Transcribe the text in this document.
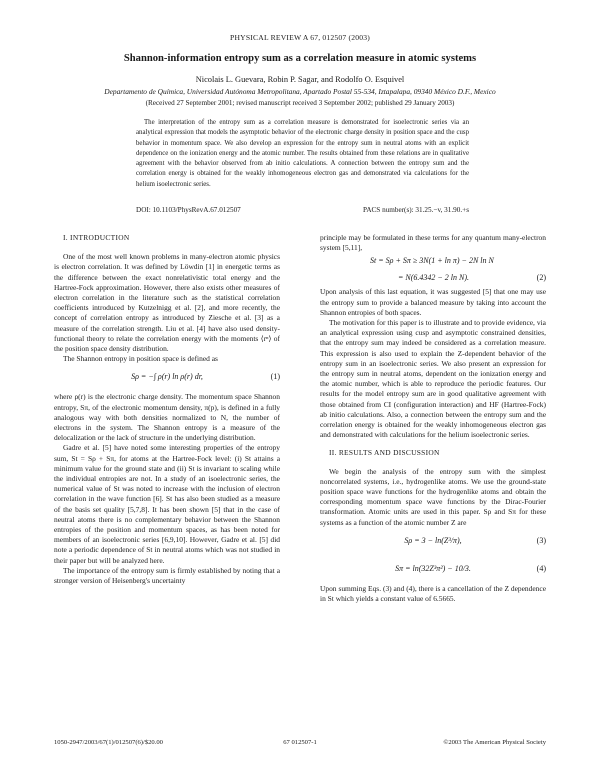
PHYSICAL REVIEW A 67, 012507 (2003)
Shannon-information entropy sum as a correlation measure in atomic systems
Nicolais L. Guevara, Robin P. Sagar, and Rodolfo O. Esquivel
Departamento de Química, Universidad Autónoma Metropolitana, Apartado Postal 55-534, Iztapalapa, 09340 México D.F., Mexico
(Received 27 September 2001; revised manuscript received 3 September 2002; published 29 January 2003)

The interpretation of the entropy sum as a correlation measure is demonstrated for isoelectronic series via an analytical expression that models the asymptotic behavior of the electronic charge density in position space and the cusp behavior in momentum space. We also develop an expression for the entropy sum in neutral atoms with an explicit dependence on the ionization energy and the atomic number. The results obtained from these relations are in qualitative agreement with the behavior observed from ab initio calculations. A connection between the entropy sum and the correlation energy is obtained for the weakly inhomogeneous electron gas and demonstrated via calculations for the helium isoelectronic series.

DOI: 10.1103/PhysRevA.67.012507	PACS number(s): 31.25.−v, 31.90.+s

I. INTRODUCTION

One of the most well known problems in many-electron atomic physics is electron correlation. It was defined by Löwdin [1] in energetic terms as the difference between the exact nonrelativistic total energy and the Hartree-Fock approximation. However, there also exists other measures of electron correlation in the literature such as the statistical correlation coefficients introduced by Kutzelnigg et al. [2], and more recently, the concept of correlation entropy as introduced by Ziesche et al. [3] as a measure of the correlation strength. Liu et al. [4] have also used density-functional theory to relate the correlation energy with the moments ⟨rⁿ⟩ of the position space density distribution.

The Shannon entropy in position space is defined as

Sρ = −∫ ρ(r) ln ρ(r) dr,	(1)

where ρ(r) is the electronic charge density. The momentum space Shannon entropy, Sπ, of the electronic momentum density, π(p), is defined in a fully analogous way with both densities normalized to N, the number of electrons in the system. The Shannon entropy is a measure of the delocalization or the lack of structure in the underlying distribution.

Gadre et al. [5] have noted some interesting properties of the entropy sum, St = Sρ + Sπ, for atoms at the Hartree-Fock level: (i) St attains a minimum value for the ground state and (ii) St is invariant to scaling while the individual entropies are not. In a study of an isoelectronic series, the numerical value of St was noted to increase with the inclusion of electron correlation in the wave function [6]. St has also been studied as a measure of the basis set quality [5,7,8]. It has been shown [5] that in the case of neutral atoms there is no complementary behavior between the Shannon entropies of the position and momentum spaces, as has been noted for members of an isoelectronic series [6,9,10]. However, Gadre et al. [5] did note a periodic dependence of St in neutral atoms which was not studied in their paper but will be analyzed here.

The importance of the entropy sum is firmly established by noting that a stronger version of Heisenberg's uncertainty

principle may be formulated in these terms for any quantum many-electron system [5,11],

St = Sρ + Sπ ≥ 3N(1 + ln π) − 2N ln N
= N(6.4342 − 2 ln N).	(2)

Upon analysis of this last equation, it was suggested [5] that one may use the entropy sum to provide a balanced measure by taking into account the Shannon entropies of both spaces.

The motivation for this paper is to illustrate and to provide evidence, via an analytical expression using cusp and asymptotic constrained densities, that the entropy sum may indeed be considered as a correlation measure. This expression is also used to explain the Z-dependent behavior of the entropy sum in an isoelectronic series. We also present an expression for the entropy sum in neutral atoms, dependent on the ionization energy and the atomic number, which is able to reproduce the periodic features. Our results for the model entropy sum are in good qualitative agreement with those obtained from CI (configuration interaction) and HF (Hartree-Fock) ab initio calculations. Also, a connection between the entropy sum and the correlation energy is obtained for the weakly inhomogeneous electron gas and demonstrated with calculations for the helium isoelectronic series.

II. RESULTS AND DISCUSSION

We begin the analysis of the entropy sum with the simplest noncorrelated systems, i.e., hydrogenlike atoms. We use the ground-state position space wave functions for the hydrogenlike atoms and obtain the corresponding momentum space wave functions by the Dirac-Fourier transformation. Atomic units are used in this paper. Sρ and Sπ for these systems as a function of the atomic number Z are

Sρ = 3 − ln(Z³/π),	(3)
Sπ = ln(32Z³π²) − 10/3.	(4)

Upon summing Eqs. (3) and (4), there is a cancellation of the Z dependence in St which yields a constant value of 6.5665.

1050-2947/2003/67(1)/012507(6)/$20.00	67 012507-1	©2003 The American Physical Society
